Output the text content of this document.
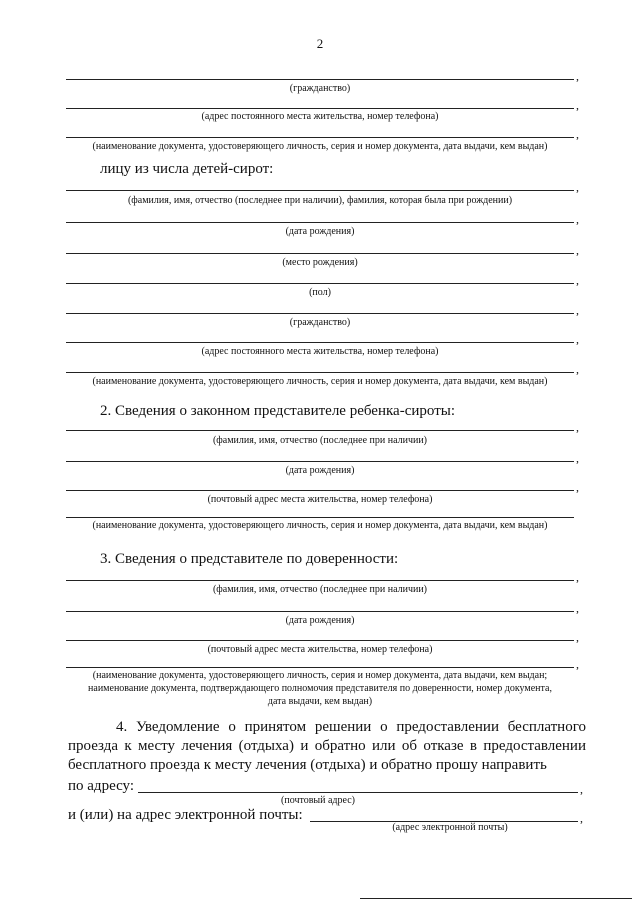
2
,
(гражданство)
,
(адрес постоянного места жительства, номер телефона)
,
(наименование документа, удостоверяющего личность, серия и номер документа, дата выдачи, кем выдан)
лицу из числа детей-сирот:
,
(фамилия, имя, отчество (последнее при наличии), фамилия, которая была при рождении)
,
(дата рождения)
,
(место рождения)
,
(пол)
,
(гражданство)
,
(адрес постоянного места жительства, номер телефона)
,
(наименование документа, удостоверяющего личность, серия и номер документа, дата выдачи, кем выдан)
2. Сведения о законном представителе ребенка-сироты:
,
(фамилия, имя, отчество (последнее при наличии)
,
(дата рождения)
,
(почтовый адрес места жительства, номер телефона)
(наименование документа, удостоверяющего личность, серия и номер документа, дата выдачи, кем выдан)
3. Сведения о представителе по доверенности:
,
(фамилия, имя, отчество (последнее при наличии)
,
(дата рождения)
,
(почтовый адрес места жительства, номер телефона)
,
(наименование документа, удостоверяющего личность, серия и номер документа, дата выдачи, кем выдан;
наименование документа, подтверждающего полномочия представителя по доверенности, номер документа,
дата выдачи, кем выдан)
4. Уведомление о принятом решении о предоставлении бесплатного проезда к месту лечения (отдыха) и обратно или об отказе в предоставлении бесплатного проезда к месту лечения (отдыха) и обратно прошу направить
по адресу:	,
(почтовый адрес)
и (или) на адрес электронной почты:	,
(адрес электронной почты)
